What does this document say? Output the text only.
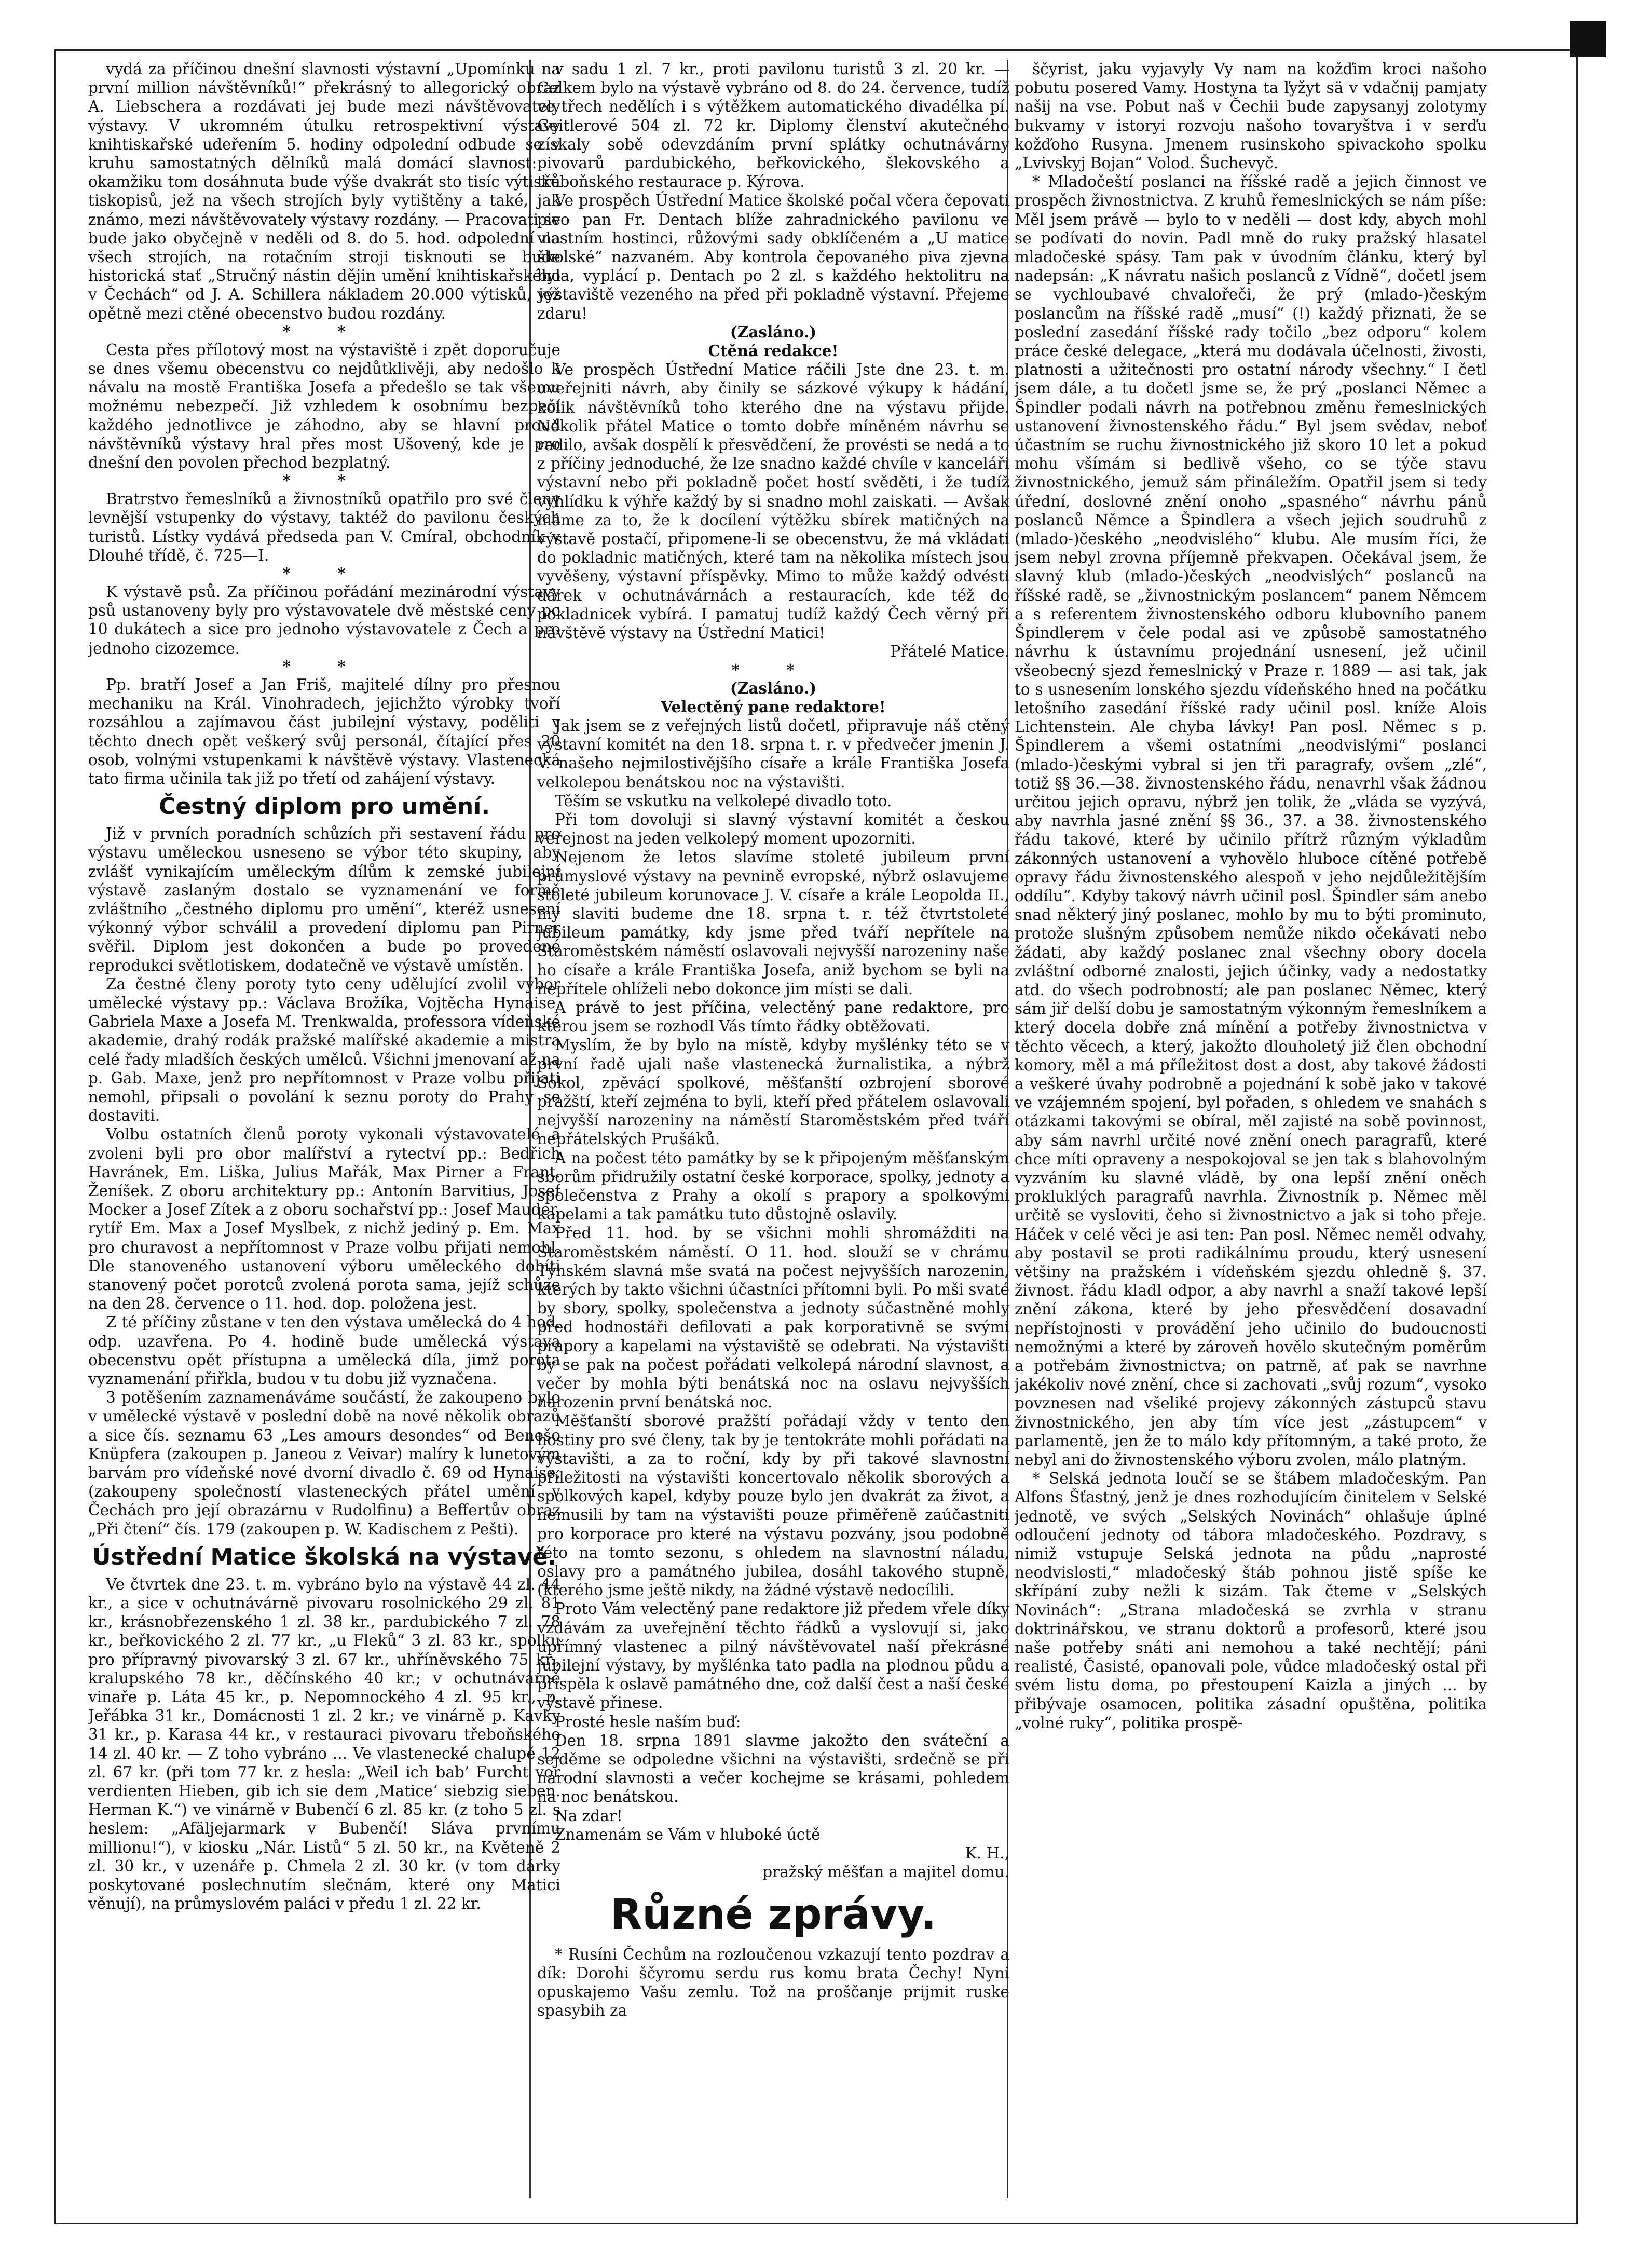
vydá za příčinou dnešní slavnosti výstavní „Upomínku na první million návštěvníků!“ překrásný to allegorický obraz A. Liebschera a rozdávati jej bude mezi návštěvovately výstavy. V ukromném útulku retrospektivní výstavy knihtiskařské udeřením 5. hodiny odpolední odbude se v kruhu samostatných dělníků malá domácí slavnost: v okamžiku tom dosáhnuta bude výše dvakrát sto tisíc výtisků tiskopisů, jež na všech strojích byly vytištěny a také, jak známo, mezi návštěvovately výstavy rozdány. — Pracovati se bude jako obyčejně v neděli od 8. do 5. hod. odpolední na všech strojích, na rotačním stroji tisknouti se bude historická stať „Stručný nástin dějin umění knihtiskařského v Čechách“ od J. A. Schillera nákladem 20.000 výtisků, jež opětně mezi ctěné obecenstvo budou rozdány.

* *

Cesta přes přílotový most na výstaviště i zpět doporučuje se dnes všemu obecenstvu co nejdůtklivěji, aby nedošlo k návalu na mostě Františka Josefa a předešlo se tak všemu možnému nebezpečí. Již vzhledem k osobnímu bezpečí každého jednotlivce je záhodno, aby se hlavní proud návštěvníků výstavy hral přes most Ušovený, kde je pro dnešní den povolen přechod bezplatný.

* *

Bratrstvo řemeslníků a živnostníků opatřilo pro své členy levnější vstupenky do výstavy, taktéž do pavilonu českých turistů. Lístky vydává předseda pan V. Cmíral, obchodník v Dlouhé třídě, č. 725—I.

* *

K výstavě psů. Za příčinou pořádání mezinárodní výstavy psů ustanoveny byly pro výstavovatele dvě městské ceny po 10 dukátech a sice pro jednoho výstavovatele z Čech a pro jednoho cizozemce.

* *

Pp. bratří Josef a Jan Friš, majitelé dílny pro přesnou mechaniku na Král. Vinohradech, jejichžto výrobky tvoří rozsáhlou a zajímavou část jubilejní výstavy, poděliti v těchto dnech opět veškerý svůj personál, čítající přes 20 osob, volnými vstupenkami k návštěvě výstavy. Vlastenecká tato firma učinila tak již po třetí od zahájení výstavy.

Čestný diplom pro umění.

Již v prvních poradních schůzích při sestavení řádu pro výstavu uměleckou usneseno se výbor této skupiny, aby zvlášť vynikajícím uměleckým dílům k zemské jubilejní výstavě zaslaným dostalo se vyznamenání ve formě zvláštního „čestného diplomu pro umění“, kteréž usnesení výkonný výbor schválil a provedení diplomu pan Pirner svěřil. Diplom jest dokončen a bude po provedené reprodukci světlotiskem, dodatečně ve výstavě umístěn.

Za čestné členy poroty tyto ceny udělující zvolil výbor umělecké výstavy pp.: Václava Brožíka, Vojtěcha Hynaise, Gabriela Maxe a Josefa M. Trenkwalda, professora vídeňské akademie, drahý rodák pražské malířské akademie a mistra celé řady mladších českých umělců. Všichni jmenovaní až na p. Gab. Maxe, jenž pro nepřítomnost v Praze volbu přijati nemohl, připsali o povolání k seznu poroty do Prahy se dostaviti.

Volbu ostatních členů poroty vykonali výstavovatelé a zvoleni byli pro obor malířství a rytectví pp.: Bedřich Havránek, Em. Liška, Julius Mařák, Max Pirner a Frant. Ženíšek. Z oboru architektury pp.: Antonín Barvitius, Josef Mocker a Josef Zítek a z oboru sochařství pp.: Josef Mauder, rytíř Em. Max a Josef Myslbek, z nichž jediný p. Em. Max pro churavost a nepřítomnost v Praze volbu přijati nemohl. Dle stanoveného ustanovení výboru uměleckého dobíti stanovený počet porotců zvolená porota sama, jejíž schůze na den 28. července o 11. hod. dop. položena jest.

Z té příčiny zůstane v ten den výstava umělecká do 4 hod. odp. uzavřena. Po 4. hodině bude umělecká výstava obecenstvu opět přístupna a umělecká díla, jimž porota vyznamenání přiřkla, budou v tu dobu již vyznačena.

3 potěšením zaznamenáváme součástí, že zakoupeno bylo v umělecké výstavě v poslední době na nové několik obrazů a sice čís. seznamu 63 „Les amours desondes“ od Benešo Knüpfera (zakoupen p. Janeou z Veivar) malíry k lunetovým barvám pro vídeňské nové dvorní divadlo č. 69 od Hynaise, (zakoupeny společností vlasteneckých přátel umění v Čechách pro její obrazárnu v Rudolfinu) a Beffertův obraz „Při čtení“ čís. 179 (zakoupen p. W. Kadischem z Pešti).

Ústřední Matice školská na výstavě.

Ve čtvrtek dne 23. t. m. vybráno bylo na výstavě 44 zl. 44 kr., a sice v ochutnávárně pivovaru rosolnického 29 zl. 81 kr., krásnobřezenského 1 zl. 38 kr., pardubického 7 zl. 78 kr., beřkovického 2 zl. 77 kr., „u Fleků“ 3 zl. 83 kr., spolku pro přípravný pivovarský 3 zl. 67 kr., uhříněvského 75 kr., kralupského 78 kr., děčínského 40 kr.; v ochutnávárně vinaře p. Láta 45 kr., p. Nepomnockého 4 zl. 95 kr., p. Jeřábka 31 kr., Domácnosti 1 zl. 2 kr.; ve vinárně p. Kavky 31 kr., p. Karasa 44 kr., v restauraci pivovaru třeboňského 14 zl. 40 kr. — Z toho vybráno ... Ve vlastenecké chalupě 12 zl. 67 kr. (při tom 77 kr. z hesla: „Weil ich bab’ Furcht vor verdienten Hieben, gib ich sie dem ‚Matice‘ siebzig sieben. Herman K.“) ve vinárně v Bubenčí 6 zl. 85 kr. (z toho 5 zl. s heslem: „Afäljejarmark v Bubenčí! Sláva prvnímu millionu!“), v kiosku „Nár. Listů“ 5 zl. 50 kr., na Květeně 2 zl. 30 kr., v uzenáře p. Chmela 2 zl. 30 kr. (v tom dárky poskytované poslechnutím slečnám, které ony Matici věnují), na průmyslovém paláci v předu 1 zl. 22 kr.

v sadu 1 zl. 7 kr., proti pavilonu turistů 3 zl. 20 kr. — Celkem bylo na výstavě vybráno od 8. do 24. července, tudíž ve třech nedělích i s výtěžkem automatického divadélka pí. Geitlerové 504 zl. 72 kr. Diplomy členství akutečného získaly sobě odevzdáním první splátky ochutnávárny pivovarů pardubického, beřkovického, šlekovského a třeboňského restaurace p. Kýrova.

Ve prospěch Ústřední Matice školské počal včera čepovati pivo pan Fr. Dentach blíže zahradnického pavilonu ve vlastním hostinci, růžovými sady obklíčeném a „U matice školské“ nazvaném. Aby kontrola čepovaného piva zjevna byla, vyplácí p. Dentach po 2 zl. s každého hektolitru na výstaviště vezeného na před při pokladně výstavní. Přejeme zdaru!

(Zasláno.)

Ctěná redakce!

Ve prospěch Ústřední Matice ráčili Jste dne 23. t. m. uveřejniti návrh, aby činily se sázkové výkupy k hádání, kolik návštěvníků toho kterého dne na výstavu přijde. Několik přátel Matice o tomto dobře míněném návrhu se radilo, avšak dospělí k přesvědčení, že provésti se nedá a to z příčiny jednoduché, že lze snadno každé chvíle v kanceláři výstavní nebo při pokladně počet hostí svěděti, i že tudíž vyhlídku k výhře každý by si snadno mohl zaiskati. — Avšak máme za to, že k docílení výtěžku sbírek matičných na výstavě postačí, připomene-li se obecenstvu, že má vkládati do pokladnic matičných, které tam na několika místech jsou vyvěšeny, výstavní příspěvky. Mimo to může každý odvésti dárek v ochutnávárnách a restauracích, kde též do pokladnicek vybírá. I pamatuj tudíž každý Čech věrný při návštěvě výstavy na Ústřední Matici!

Přátelé Matice.

* *

(Zasláno.)

Velectěný pane redaktore!

Jak jsem se z veřejných listů dočetl, připravuje náš ctěný výstavní komitét na den 18. srpna t. r. v předvečer jmenin J. V. našeho nejmilostivějšího císaře a krále Františka Josefa velkolepou benátskou noc na výstavišti.

Těším se vskutku na velkolepé divadlo toto.

Při tom dovoluji si slavný výstavní komitét a českou veřejnost na jeden velkolepý moment upozorniti.

Nejenom že letos slavíme stoleté jubileum první průmyslové výstavy na pevnině evropské, nýbrž oslavujeme stoleté jubileum korunovace J. V. císaře a krále Leopolda II., my slaviti budeme dne 18. srpna t. r. též čtvrtstoleté jubileum památky, kdy jsme před tváří nepřítele na Staroměstském náměstí oslavovali nejvyšší narozeniny naše ho císaře a krále Františka Josefa, aniž bychom se byli na nepřítele ohlíželi nebo dokonce jim místi se dali.

A právě to jest příčina, velectěný pane redaktore, pro kterou jsem se rozhodl Vás tímto řádky obtěžovati.

Myslím, že by bylo na místě, kdyby myšlénky této se v první řadě ujali naše vlastenecká žurnalistika, a nýbrž Sokol, zpěvácí spolkové, měšťanští ozbrojení sborové pražští, kteří zejména to byli, kteří před přátelem oslavovali nejvyšší narozeniny na náměstí Staroměstském před tváří nepřátelských Prušáků.

A na počest této památky by se k připojeným měšťanským sborům přidružily ostatní české korporace, spolky, jednoty a společenstva z Prahy a okolí s prapory a spolkovými kapelami a tak památku tuto důstojně oslavily.

Před 11. hod. by se všichni mohli shromážditi na Staroměstském náměstí. O 11. hod. slouží se v chrámu Týnském slavná mše svatá na počest nejvyšších narozenin, kterých by takto všichni účastníci přítomni byli. Po mši svaté by sbory, spolky, společenstva a jednoty súčastněné mohly před hodnostáři defilovati a pak korporativně se svými prapory a kapelami na výstaviště se odebrati. Na výstavišti by se pak na počest pořádati velkolepá národní slavnost, a večer by mohla býti benátská noc na oslavu nejvyšších narozenin první benátská noc.

Měšťanští sborové pražští pořádají vždy v tento den hostiny pro své členy, tak by je tentokráte mohli pořádati na výstavišti, a za to roční, kdy by při takové slavnostní příležitosti na výstavišti koncertovalo několik sborových a spolkových kapel, kdyby pouze bylo jen dvakrát za život, a nemusili by tam na výstavišti pouze přiměřeně zaúčastniti pro korporace pro které na výstavu pozvány, jsou podobně této na tomto sezonu, s ohledem na slavnostní náladu, oslavy pro a památného jubilea, dosáhl takového stupně, (kterého jsme ještě nikdy, na žádné výstavě nedocílili.

Proto Vám velectěný pane redaktore již předem vřele díky vzdávám za uveřejnění těchto řádků a vyslovují si, jako upřímný vlastenec a pilný návštěvovatel naší překrásné jubilejní výstavy, by myšlénka tato padla na plodnou půdu a přispěla k oslavě památného dne, což další čest a naší české výstavě přinese.

Prosté hesle naším buď:

Den 18. srpna 1891 slavme jakožto den sváteční a sejděme se odpoledne všichni na výstavišti, srdečně se při národní slavnosti a večer kochejme se krásami, pohledem na noc benátskou.

Na zdar!

Znamenám se Vám v hluboké úctě

K. H.,

pražský měšťan a majitel domu.

Různé zprávy.

* Rusíni Čechům na rozloučenou vzkazují tento pozdrav a dík: Dorohi ščyromu serdu rus komu brata Čechy! Nyni opuskajemo Vašu zemlu. Tož na proščanje prijmit ruske spasybih za

ščyrist, jaku vyjavyly Vy nam na kožďim kroci našoho pobutu posered Vamy. Hostyna ta ľyžyt sä v vdačnij pamjaty našij na vse. Pobut naš v Čechii bude zapysanyj zolotymy bukvamy v istoryi rozvoju našoho tovaryštva i v serďu kožďoho Rusyna. Jmenem rusinskoho spivackoho spolku „Lvivskyj Bojan“ Volod. Šuchevyč.

* Mladočeští poslanci na říšské radě a jejich činnost ve prospěch živnostnictva. Z kruhů řemeslnických se nám píše: Měl jsem právě — bylo to v neděli — dost kdy, abych mohl se podívati do novin. Padl mně do ruky pražský hlasatel mladočeské spásy. Tam pak v úvodním článku, který byl nadepsán: „K návratu našich poslanců z Vídně“, dočetl jsem se vychloubavé chvalořeči, že prý (mlado-)českým poslancům na říšské radě „musí“ (!) každý přiznati, že se poslední zasedání říšské rady točilo „bez odporu“ kolem práce české delegace, „která mu dodávala účelnosti, živosti, platnosti a užitečnosti pro ostatní národy všechny.“ I četl jsem dále, a tu dočetl jsme se, že prý „poslanci Němec a Špindler podali návrh na potřebnou změnu řemeslnických ustanovení živnostenského řádu.“ Byl jsem svědav, neboť účastním se ruchu živnostnického již skoro 10 let a pokud mohu všímám si bedlivě všeho, co se týče stavu živnostnického, jemuž sám přináležím. Opatřil jsem si tedy úřední, doslovné znění onoho „spasného“ návrhu pánů poslanců Němce a Špindlera a všech jejich soudruhů z (mlado-)českého „neodvislého“ klubu. Ale musím říci, že jsem nebyl zrovna příjemně překvapen. Očekával jsem, že slavný klub (mlado-)českých „neodvislých“ poslanců na říšské radě, se „živnostnickým poslancem“ panem Němcem a s referentem živnostenského odboru klubovního panem Špindlerem v čele podal asi ve způsobě samostatného návrhu k ústavnímu projednání usnesení, jež učinil všeobecný sjezd řemeslnický v Praze r. 1889 — asi tak, jak to s usnesením lonského sjezdu vídeňského hned na počátku letošního zasedání říšské rady učinil posl. kníže Alois Lichtenstein. Ale chyba lávky! Pan posl. Němec s p. Špindlerem a všemi ostatními „neodvislými“ poslanci (mlado-)českými vybral si jen tři paragrafy, ovšem „zlé“, totiž §§ 36.—38. živnostenského řádu, nenavrhl však žádnou určitou jejich opravu, nýbrž jen tolik, že „vláda se vyzývá, aby navrhla jasné znění §§ 36., 37. a 38. živnostenského řádu takové, které by učinilo přítrž různým výkladům zákonných ustanovení a vyhovělo hluboce cítěné potřebě opravy řádu živnostenského alespoň v jeho nejdůležitějším oddílu“. Kdyby takový návrh učinil posl. Špindler sám anebo snad některý jiný poslanec, mohlo by mu to býti prominuto, protože slušným způsobem nemůže nikdo očekávati nebo žádati, aby každý poslanec znal všechny obory docela zvláštní odborné znalosti, jejich účinky, vady a nedostatky atd. do všech podrobností; ale pan poslanec Němec, který sám jiř delší dobu je samostatným výkonným řemeslníkem a který docela dobře zná mínění a potřeby živnostnictva v těchto věcech, a který, jakožto dlouholetý již člen obchodní komory, měl a má příležitost dost a dost, aby takové žádosti a veškeré úvahy podrobně a pojednání k sobě jako v takové ve vzájemném spojení, byl pořaden, s ohledem ve snahách s otázkami takovými se obíral, měl zajisté na sobě povinnost, aby sám navrhl určité nové znění onech paragrafů, které chce míti opraveny a nespokojoval se jen tak s blahovolným vyzváním ku slavné vládě, by ona lepší znění oněch prokluklých paragrafů navrhla. Živnostník p. Němec měl určitě se vysloviti, čeho si živnostnictvo a jak si toho přeje. Háček v celé věci je asi ten: Pan posl. Němec neměl odvahy, aby postavil se proti radikálnímu proudu, který usnesení většiny na pražském i vídeňském sjezdu ohledně §. 37. živnost. řádu kladl odpor, a aby navrhl a snaží takové lepší znění zákona, které by jeho přesvědčení dosavadní nepřístojnosti v provádění jeho učinilo do budoucnosti nemožnými a které by zároveň hovělo skutečným poměrům a potřebám živnostnictva; on patrně, ať pak se navrhne jakékoliv nové znění, chce si zachovati „svůj rozum“, vysoko povznesen nad všeliké projevy zákonných zástupců stavu živnostnického, jen aby tím více jest „zástupcem“ v parlamentě, jen že to málo kdy přítomným, a také proto, že nebyl ani do živnostenského výboru zvolen, málo platným.

* Selská jednota loučí se se štábem mladočeským. Pan Alfons Šťastný, jenž je dnes rozhodujícím činitelem v Selské jednotě, ve svých „Selských Novinách“ ohlašuje úplné odloučení jednoty od tábora mladočeského. Pozdravy, s nimiž vstupuje Selská jednota na půdu „naprosté neodvislosti,“ mladočeský štáb pohnou jistě spíše ke skřípání zuby nežli k sizám. Tak čteme v „Selských Novinách“: „Strana mladočeská se zvrhla v stranu doktrinářskou, ve stranu doktorů a profesorů, které jsou naše potřeby snáti ani nemohou a také nechtějí; páni realisté, Časisté, opanovali pole, vůdce mladočeský ostal při svém listu doma, po přestoupení Kaizla a jiných ... by přibývaje osamocen, politika zásadní opuštěna, politika „volné ruky“, politika prospě-
